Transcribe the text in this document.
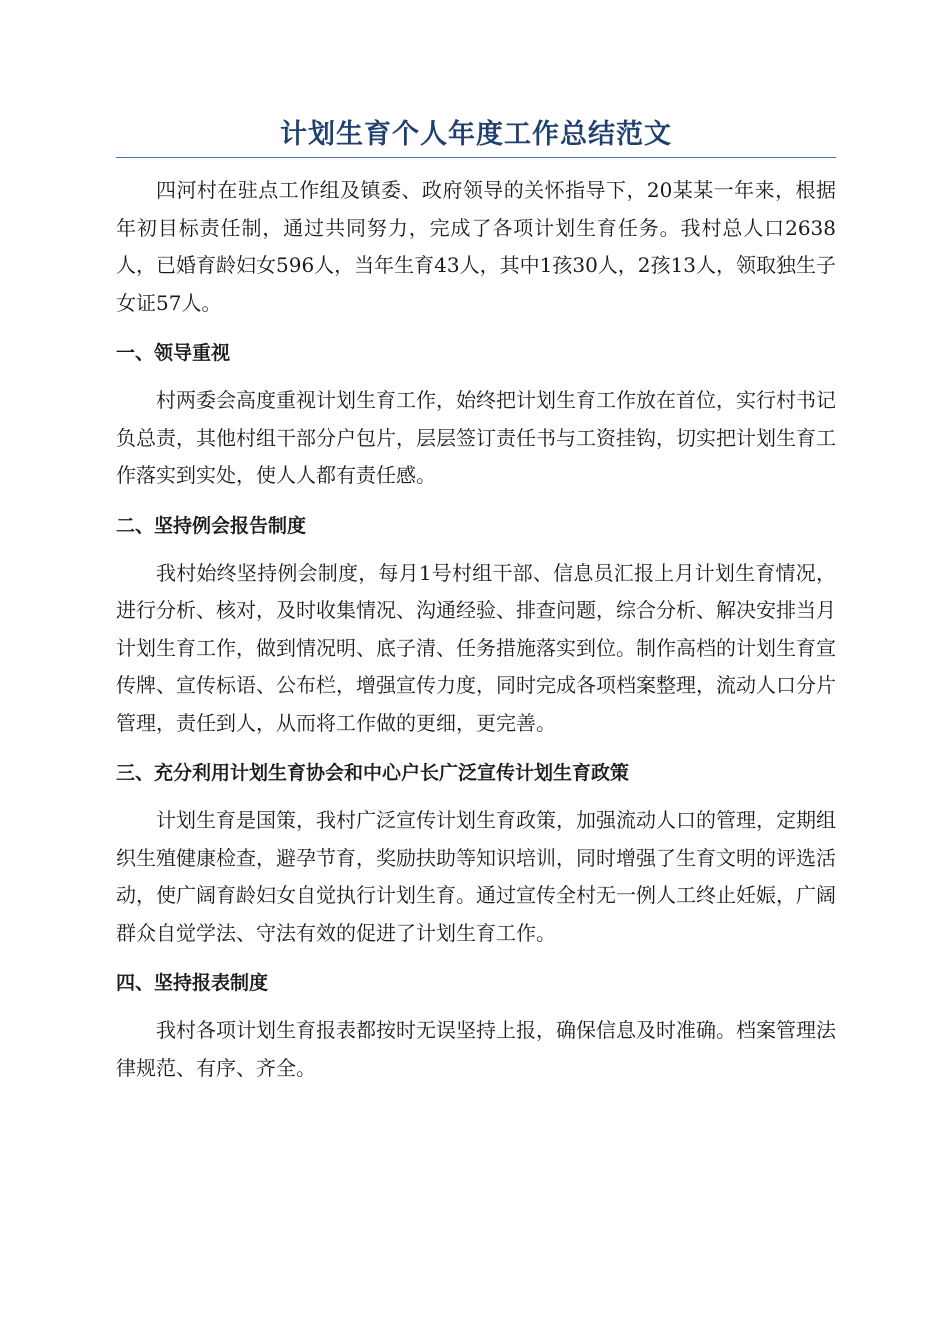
计划生育个人年度工作总结范文

四河村在驻点工作组及镇委、政府领导的关怀指导下，20某某一年来，根据年初目标责任制，通过共同努力，完成了各项计划生育任务。我村总人口2638人，已婚育龄妇女596人，当年生育43人，其中1孩30人，2孩13人，领取独生子女证57人。

一、领导重视

村两委会高度重视计划生育工作，始终把计划生育工作放在首位，实行村书记负总责，其他村组干部分户包片，层层签订责任书与工资挂钩，切实把计划生育工作落实到实处，使人人都有责任感。

二、坚持例会报告制度

我村始终坚持例会制度，每月1号村组干部、信息员汇报上月计划生育情况，进行分析、核对，及时收集情况、沟通经验、排查问题，综合分析、解决安排当月计划生育工作，做到情况明、底子清、任务措施落实到位。制作高档的计划生育宣传牌、宣传标语、公布栏，增强宣传力度，同时完成各项档案整理，流动人口分片管理，责任到人，从而将工作做的更细，更完善。

三、充分利用计划生育协会和中心户长广泛宣传计划生育政策

计划生育是国策，我村广泛宣传计划生育政策，加强流动人口的管理，定期组织生殖健康检查，避孕节育，奖励扶助等知识培训，同时增强了生育文明的评选活动，使广阔育龄妇女自觉执行计划生育。通过宣传全村无一例人工终止妊娠，广阔群众自觉学法、守法有效的促进了计划生育工作。

四、坚持报表制度

我村各项计划生育报表都按时无误坚持上报，确保信息及时准确。档案管理法律规范、有序、齐全。
